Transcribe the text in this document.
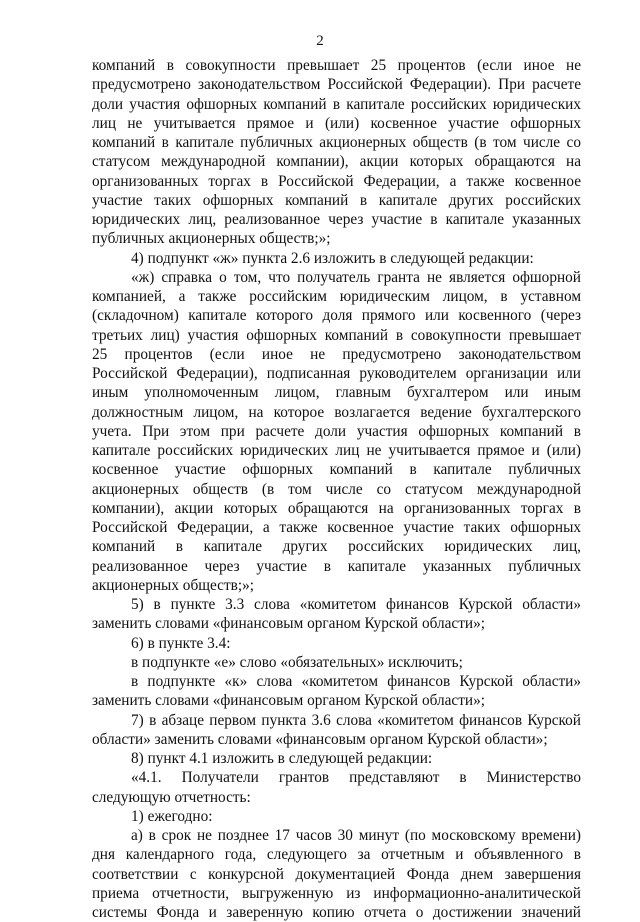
2
компаний в совокупности превышает 25 процентов (если иное не
предусмотрено законодательством Российской Федерации). При расчете
доли участия офшорных компаний в капитале российских юридических
лиц не учитывается прямое и (или) косвенное участие офшорных
компаний в капитале публичных акционерных обществ (в том числе со
статусом международной компании), акции которых обращаются на
организованных торгах в Российской Федерации, а также косвенное
участие таких офшорных компаний в капитале других российских
юридических лиц, реализованное через участие в капитале указанных
публичных акционерных обществ;»;
4) подпункт «ж» пункта 2.6 изложить в следующей редакции:
«ж) справка о том, что получатель гранта не является офшорной
компанией, а также российским юридическим лицом, в уставном
(складочном) капитале которого доля прямого или косвенного (через
третьих лиц) участия офшорных компаний в совокупности превышает
25 процентов (если иное не предусмотрено законодательством
Российской Федерации), подписанная руководителем организации или
иным уполномоченным лицом, главным бухгалтером или иным
должностным лицом, на которое возлагается ведение бухгалтерского
учета. При этом при расчете доли участия офшорных компаний в
капитале российских юридических лиц не учитывается прямое и (или)
косвенное участие офшорных компаний в капитале публичных
акционерных обществ (в том числе со статусом международной
компании), акции которых обращаются на организованных торгах в
Российской Федерации, а также косвенное участие таких офшорных
компаний в капитале других российских юридических лиц,
реализованное через участие в капитале указанных публичных
акционерных обществ;»;
5) в пункте 3.3 слова «комитетом финансов Курской области»
заменить словами «финансовым органом Курской области»;
6) в пункте 3.4:
в подпункте «е» слово «обязательных» исключить;
в подпункте «к» слова «комитетом финансов Курской области»
заменить словами «финансовым органом Курской области»;
7) в абзаце первом пункта 3.6 слова «комитетом финансов Курской
области» заменить словами «финансовым органом Курской области»;
8) пункт 4.1 изложить в следующей редакции:
«4.1. Получатели грантов представляют в Министерство
следующую отчетность:
1) ежегодно:
а) в срок не позднее 17 часов 30 минут (по московскому времени)
дня календарного года, следующего за отчетным и объявленного в
соответствии с конкурсной документацией Фонда днем завершения
приема отчетности, выгруженную из информационно-аналитической
системы Фонда и заверенную копию отчета о достижении значений
